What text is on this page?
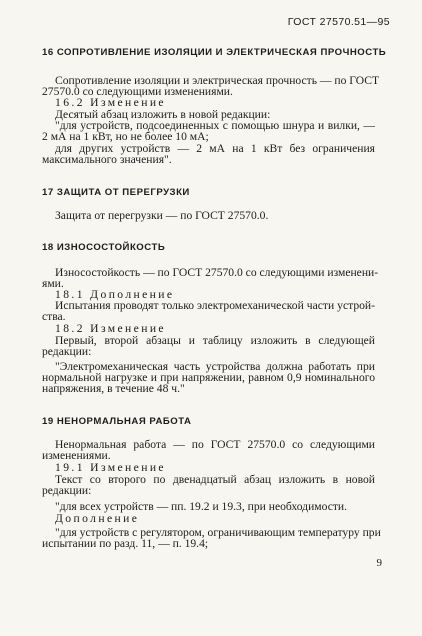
ГОСТ 27570.51—95
16 СОПРОТИВЛЕНИЕ ИЗОЛЯЦИИ И ЭЛЕКТРИЧЕСКАЯ ПРОЧНОСТЬ
Сопротивление изоляции и электрическая прочность — по ГОСТ
27570.0 со следующими изменениями.
16.2 Изменение
Десятый абзац изложить в новой редакции:
"для устройств, подсоединенных с помощью шнура и вилки, —
2 мА на 1 кВт, но не более 10 мА;
для других устройств — 2 мА на 1 кВт без ограничения
максимального значения".
17 ЗАЩИТА ОТ ПЕРЕГРУЗКИ
Защита от перегрузки — по ГОСТ 27570.0.
18 ИЗНОСОСТОЙКОСТЬ
Износостойкость — по ГОСТ 27570.0 со следующими изменени-
ями.
18.1 Дополнение
Испытания проводят только электромеханической части устрой-
ства.
18.2 Изменение
Первый, второй абзацы и таблицу изложить в следующей
редакции:
"Электромеханическая часть устройства должна работать при
нормальной нагрузке и при напряжении, равном 0,9 номинального
напряжения, в течение 48 ч."
19 НЕНОРМАЛЬНАЯ РАБОТА
Ненормальная работа — по ГОСТ 27570.0 со следующими
изменениями.
19.1 Изменение
Текст со второго по двенадцатый абзац изложить в новой
редакции:
"для всех устройств — пп. 19.2 и 19.3, при необходимости.
Дополнение
"для устройств с регулятором, ограничивающим температуру при
испытании по разд. 11, — п. 19.4;
9
